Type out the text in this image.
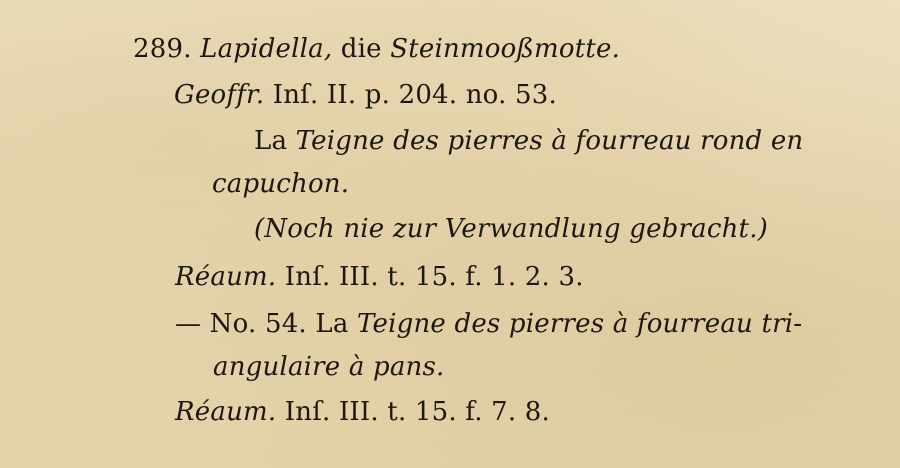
289. Lapidella, die Steinmooßmotte.
Geoffr. Inſ. II. p. 204. no. 53.
La Teigne des pierres à fourreau rond en
capuchon.
(Noch nie zur Verwandlung gebracht.)
Réaum. Inſ. III. t. 15. f. 1. 2. 3.
— No. 54. La Teigne des pierres à fourreau tri-
angulaire à pans.
Réaum. Inſ. III. t. 15. f. 7. 8.
